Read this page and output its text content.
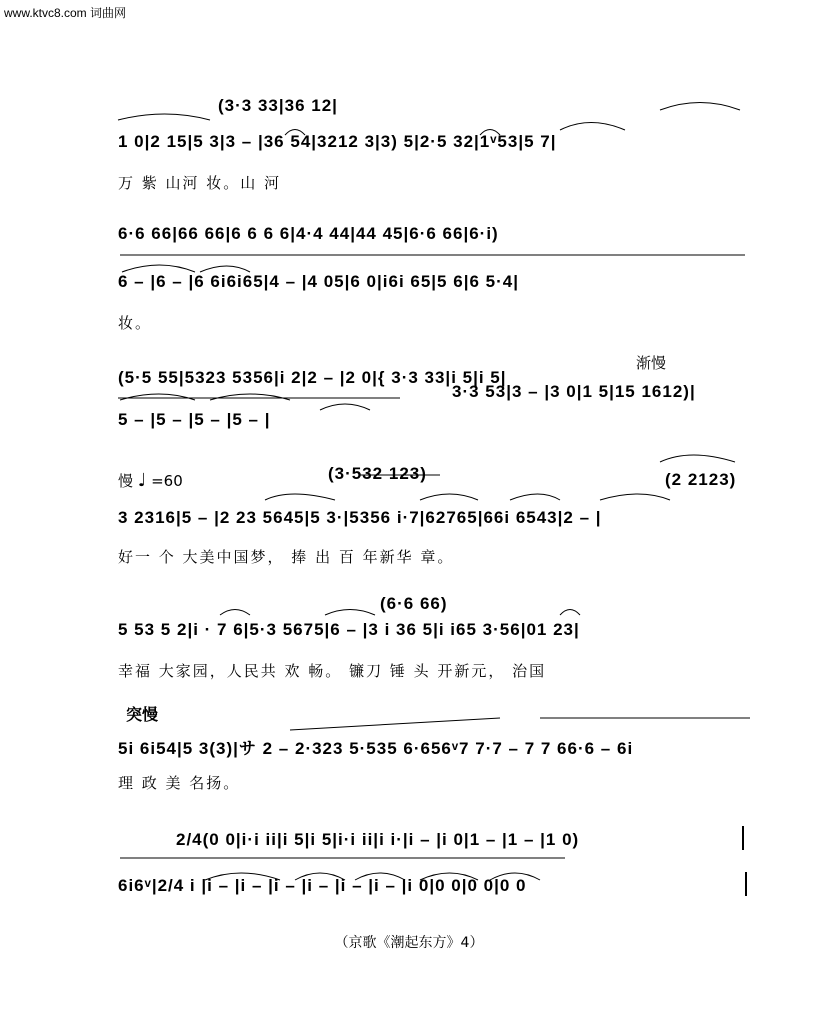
www.ktvc8.com 词曲网
(3·3 33|36 12|
1 0|2 15|5 3|3 – |36 54|3212 3|3) 5|2·5 32|1ᵛ53|5 7|
万 紫 山河 妆。山 河
6·6 66|66 66|6 6 6 6|4·4 44|44 45|6·6 66|6·i)
6 – |6 – |6 6i6i65|4 – |4 05|6 0|i6i 65|5 6|6 5·4|
妆。
(5·5 55|5323 5356|i 2|2 – |2 0|{ 3·3 33|i 5|i 5|
渐慢
5 – |5 – |5 – |5 – |
3·3 53|3 – |3 0|1 5|15 1612)|
慢 ♩ =60	(3·532 123)	(2 2123)
3 2316|5 – |2 23 5645|5 3·|5356 i·7|62765|66i 6543|2 – |
好一 个 大美中国梦， 捧 出 百 年新华 章。
(6·6 66)
5 53 5 2|i · 7 6|5·3 5675|6 – |3 i 36 5|i i65 3·56|01 23|
幸福 大家园，人民共 欢 畅。 镰刀 锤 头 开新元， 治国
突慢
5i 6i54|5 3(3)|サ 2 – 2·323 5·535 6·656ᵛ7 7·7 – 7 7 66·6 – 6i
理 政 美 名扬。
2/4(0 0|i·i ii|i 5|i 5|i·i ii|i i·|i – |i 0|1 – |1 – |1 0)
6i6ᵛ|2/4 i |i – |i – |i – |i – |i – |i – |i 0|0 0|0 0|0 0
（京歌《潮起东方》4）
